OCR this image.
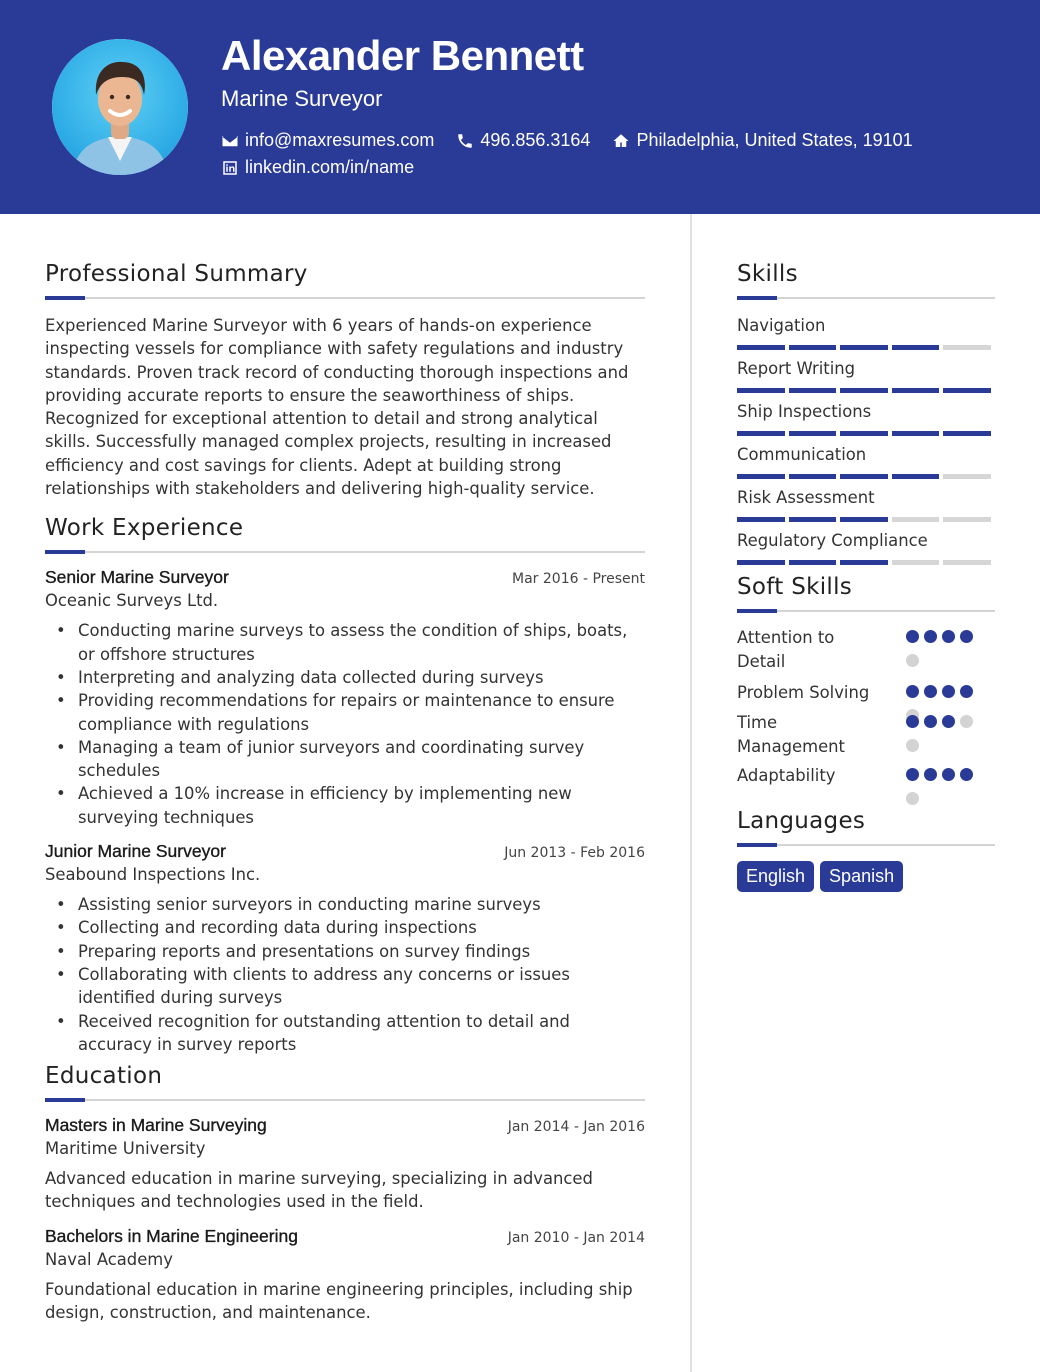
Alexander Bennett
Marine Surveyor
info@maxresumes.com	496.856.3164	Philadelphia, United States, 19101
linkedin.com/in/name
Professional Summary
Experienced Marine Surveyor with 6 years of hands-on experience inspecting vessels for compliance with safety regulations and industry standards. Proven track record of conducting thorough inspections and providing accurate reports to ensure the seaworthiness of ships. Recognized for exceptional attention to detail and strong analytical skills. Successfully managed complex projects, resulting in increased efficiency and cost savings for clients. Adept at building strong relationships with stakeholders and delivering high-quality service.
Work Experience
Senior Marine Surveyor	Mar 2016 - Present
Oceanic Surveys Ltd.
• Conducting marine surveys to assess the condition of ships, boats, or offshore structures
• Interpreting and analyzing data collected during surveys
• Providing recommendations for repairs or maintenance to ensure compliance with regulations
• Managing a team of junior surveyors and coordinating survey schedules
• Achieved a 10% increase in efficiency by implementing new surveying techniques
Junior Marine Surveyor	Jun 2013 - Feb 2016
Seabound Inspections Inc.
• Assisting senior surveyors in conducting marine surveys
• Collecting and recording data during inspections
• Preparing reports and presentations on survey findings
• Collaborating with clients to address any concerns or issues identified during surveys
• Received recognition for outstanding attention to detail and accuracy in survey reports
Education
Masters in Marine Surveying	Jan 2014 - Jan 2016
Maritime University
Advanced education in marine surveying, specializing in advanced techniques and technologies used in the field.
Bachelors in Marine Engineering	Jan 2010 - Jan 2014
Naval Academy
Foundational education in marine engineering principles, including ship design, construction, and maintenance.
Skills
Navigation
Report Writing
Ship Inspections
Communication
Risk Assessment
Regulatory Compliance
Soft Skills
Attention to Detail
Problem Solving
Time Management
Adaptability
Languages
English	Spanish
